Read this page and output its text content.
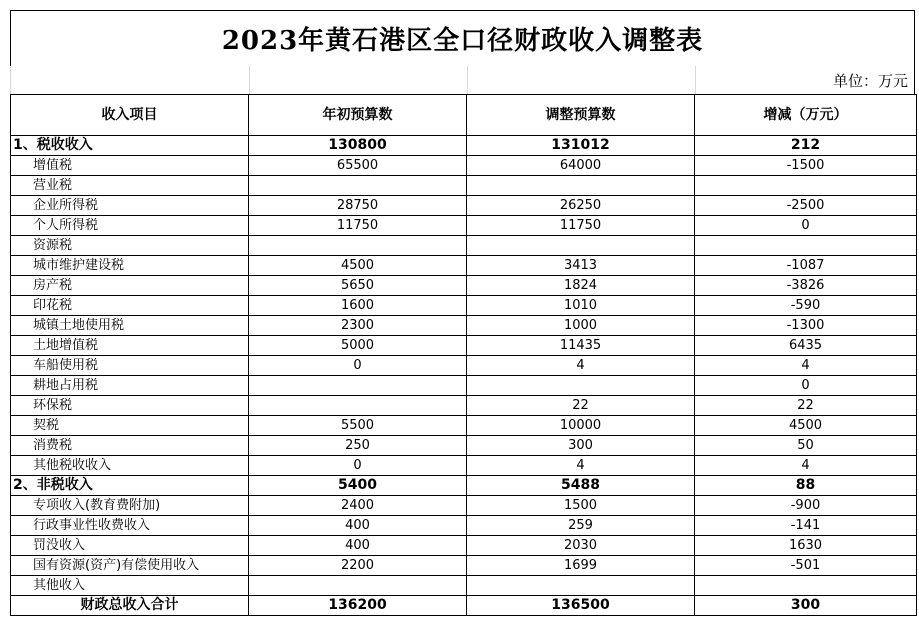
2023年黄石港区全口径财政收入调整表
单位：万元
收入项目	年初预算数	调整预算数	增减（万元）
1、税收收入	130800	131012	212
增值税	65500	64000	-1500
营业税			
企业所得税	28750	26250	-2500
个人所得税	11750	11750	0
资源税			
城市维护建设税	4500	3413	-1087
房产税	5650	1824	-3826
印花税	1600	1010	-590
城镇土地使用税	2300	1000	-1300
土地增值税	5000	11435	6435
车船使用税	0	4	4
耕地占用税			0
环保税		22	22
契税	5500	10000	4500
消费税	250	300	50
其他税收收入	0	4	4
2、非税收入	5400	5488	88
专项收入(教育费附加)	2400	1500	-900
行政事业性收费收入	400	259	-141
罚没收入	400	2030	1630
国有资源(资产)有偿使用收入	2200	1699	-501
其他收入			
财政总收入合计	136200	136500	300
